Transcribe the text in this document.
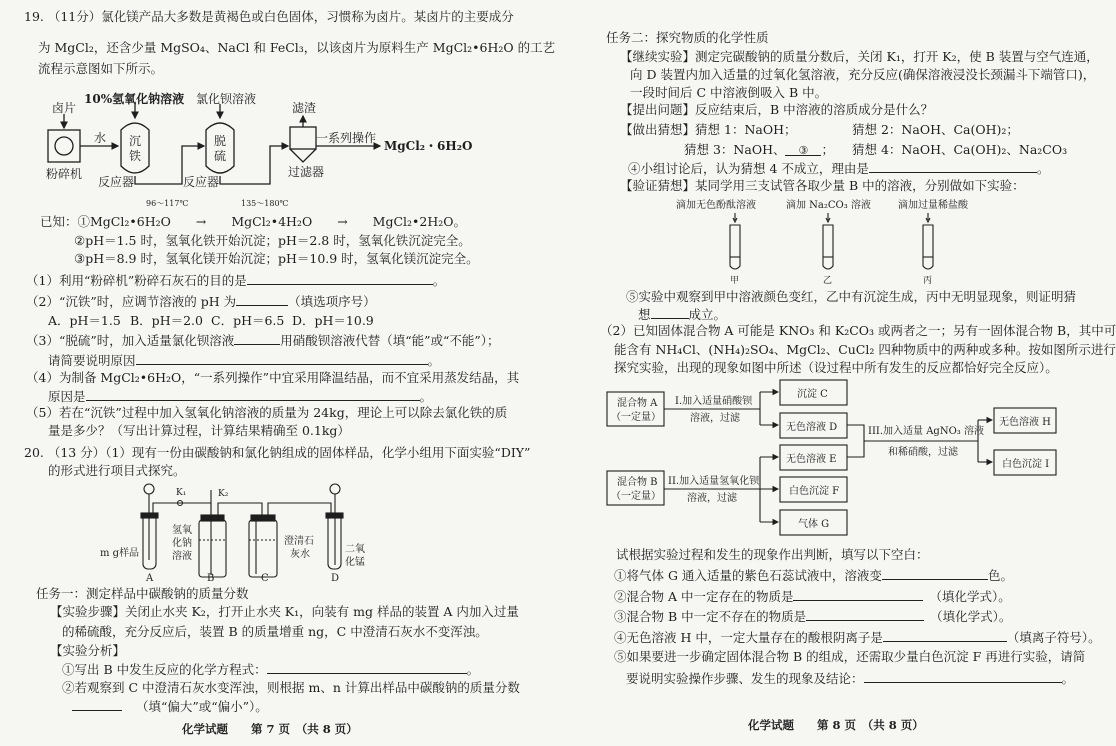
19. （11分）氯化镁产品大多数是黄褐色或白色固体，习惯称为卤片。某卤片的主要成分
为 MgCl₂，还含少量 MgSO₄、NaCl 和 FeCl₃，以该卤片为原料生产 MgCl₂•6H₂O 的工艺
流程示意图如下所示。
卤片
10%氢氧化钠溶液 氯化钡溶液
水
粉碎机
沉
铁
脱
硫
反应器	反应器
滤渣
一系列操作
MgCl₂・6H₂O
过滤器
96～117℃	135～180℃
已知：①MgCl₂•6H₂O　　→　　MgCl₂•4H₂O　　→　　MgCl₂•2H₂O。
②pH＝1.5 时，氢氧化铁开始沉淀；pH＝2.8 时，氢氧化铁沉淀完全。
③pH＝8.9 时，氢氧化镁开始沉淀；pH＝10.9 时，氢氧化镁沉淀完全。
（1）利用“粉碎机”粉碎石灰石的目的是	。
（2）“沉铁”时，应调节溶液的 pH 为	（填选项序号）
A．pH＝1.5 B．pH＝2.0 C．pH＝6.5 D．pH＝10.9
（3）“脱硫”时，加入适量氯化钡溶液	用硝酸钡溶液代替（填“能”或“不能”）；
请简要说明原因	。
（4）为制备 MgCl₂•6H₂O，“一系列操作”中宜采用降温结晶，而不宜采用蒸发结晶，其
原因是	。
（5）若在“沉铁”过程中加入氢氧化钠溶液的质量为 24kg，理论上可以除去氯化铁的质
量是多少？（写出计算过程，计算结果精确至 0.1kg）
20. （13 分）（1）现有一份由碳酸钠和氯化钠组成的固体样品，化学小组用下面实验“DIY”
的形式进行项目式探究。
K₁	K₂
m g样品
氢氧
化钠
溶液
澄清石
灰水	二氧
化锰
A	B	C	D
任务一：测定样品中碳酸钠的质量分数
【实验步骤】关闭止水夹 K₂，打开止水夹 K₁，向装有 mg 样品的装置 A 内加入过量
的稀硫酸，充分反应后，装置 B 的质量增重 ng，C 中澄清石灰水不变浑浊。
【实验分析】
①写出 B 中发生反应的化学方程式：	。
②若观察到 C 中澄清石灰水变浑浊，则根据 m、n 计算出样品中碳酸钠的质量分数
（填“偏大”或“偏小”）。
化学试题　　第 7 页　（共 8 页）
任务二：探究物质的化学性质
【继续实验】测定完碳酸钠的质量分数后，关闭 K₁，打开 K₂，使 B 装置与空气连通，
向 D 装置内加入适量的过氧化氢溶液，充分反应(确保溶液浸没长颈漏斗下端管口)，
一段时间后 C 中溶液倒吸入 B 中。
【提出问题】反应结束后，B 中溶液的溶质成分是什么？
【做出猜想】猜想 1：NaOH；	猜想 2：NaOH、Ca(OH)₂；
猜想 3：NaOH、 ③ ； 猜想 4：NaOH、Ca(OH)₂、Na₂CO₃
④小组讨论后，认为猜想 4 不成立，理由是	。
【验证猜想】某同学用三支试管各取少量 B 中的溶液，分别做如下实验：
滴加无色酚酞溶液	滴加 Na₂CO₃ 溶液	滴加过量稀盐酸
甲	乙	丙
⑤实验中观察到甲中溶液颜色变红，乙中有沉淀生成，丙中无明显现象，则证明猜
想	成立。
（2）已知固体混合物 A 可能是 KNO₃ 和 K₂CO₃ 或两者之一；另有一固体混合物 B，其中可
能含有 NH₄Cl、(NH₄)₂SO₄、MgCl₂、CuCl₂ 四种物质中的两种或多种。按如图所示进行
探究实验，出现的现象如图中所述（设过程中所有发生的反应都恰好完全反应）。
混合物 A
（一定量）
混合物 B
（一定量）
I.加入适量硝酸钡
溶液，过滤
II.加入适量氢氧化钡
溶液，过滤
III.加入适量 AgNO₃ 溶液
和稀硝酸，过滤
沉淀 C
无色溶液 D
无色溶液 E
白色沉淀 F
气体 G
无色溶液 H
白色沉淀 I
试根据实验过程和发生的现象作出判断，填写以下空白：
①将气体 G 通入适量的紫色石蕊试液中，溶液变	色。
②混合物 A 中一定存在的物质是	（填化学式）。
③混合物 B 中一定不存在的物质是	（填化学式）。
④无色溶液 H 中，一定大量存在的酸根阴离子是	（填离子符号）。
⑤如果要进一步确定固体混合物 B 的组成，还需取少量白色沉淀 F 再进行实验，请简
要说明实验操作步骤、发生的现象及结论：	。
化学试题　　第 8 页　（共 8 页）
